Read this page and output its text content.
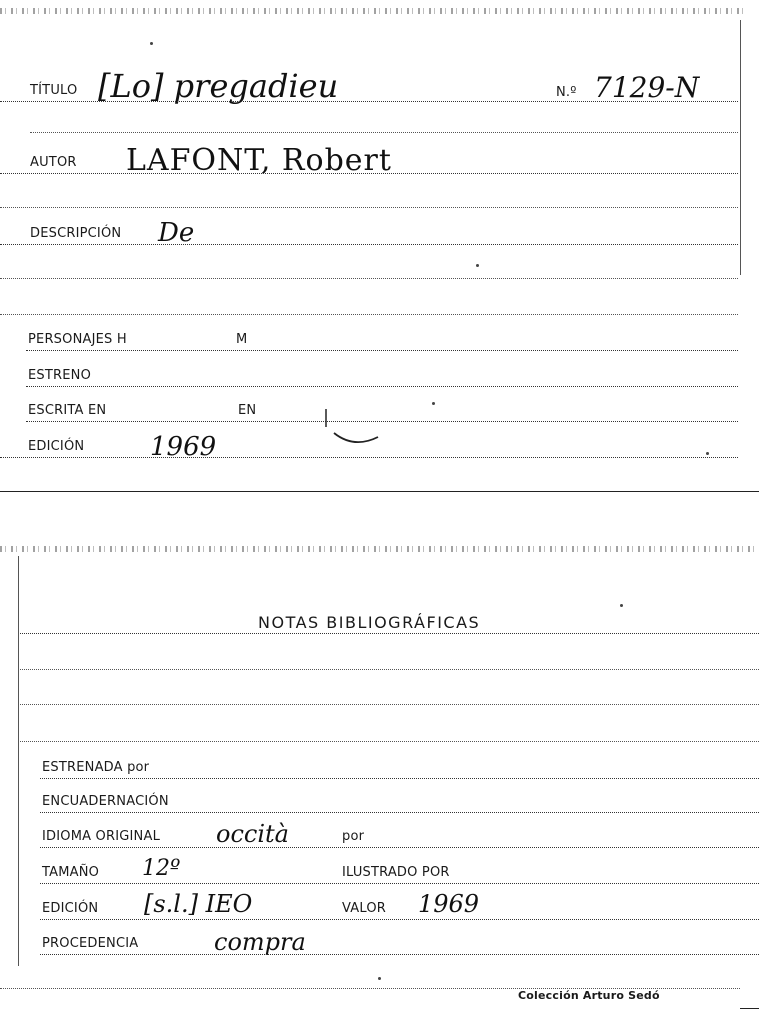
TÍTULO [Lo] pregadieu	N.º 7129-N
AUTOR LAFONT, Robert
DESCRIPCIÓN De
PERSONAJES H	M
ESTRENO
ESCRITA EN	EN
EDICIÓN	1969
NOTAS BIBLIOGRÁFICAS
ESTRENADA por
ENCUADERNACIÓN
IDIOMA ORIGINAL occità	por
TAMAÑO 12º	ILUSTRADO POR
EDICIÓN [s.l.] IEO	VALOR 1969
PROCEDENCIA	compra
Colección Arturo Sedó
